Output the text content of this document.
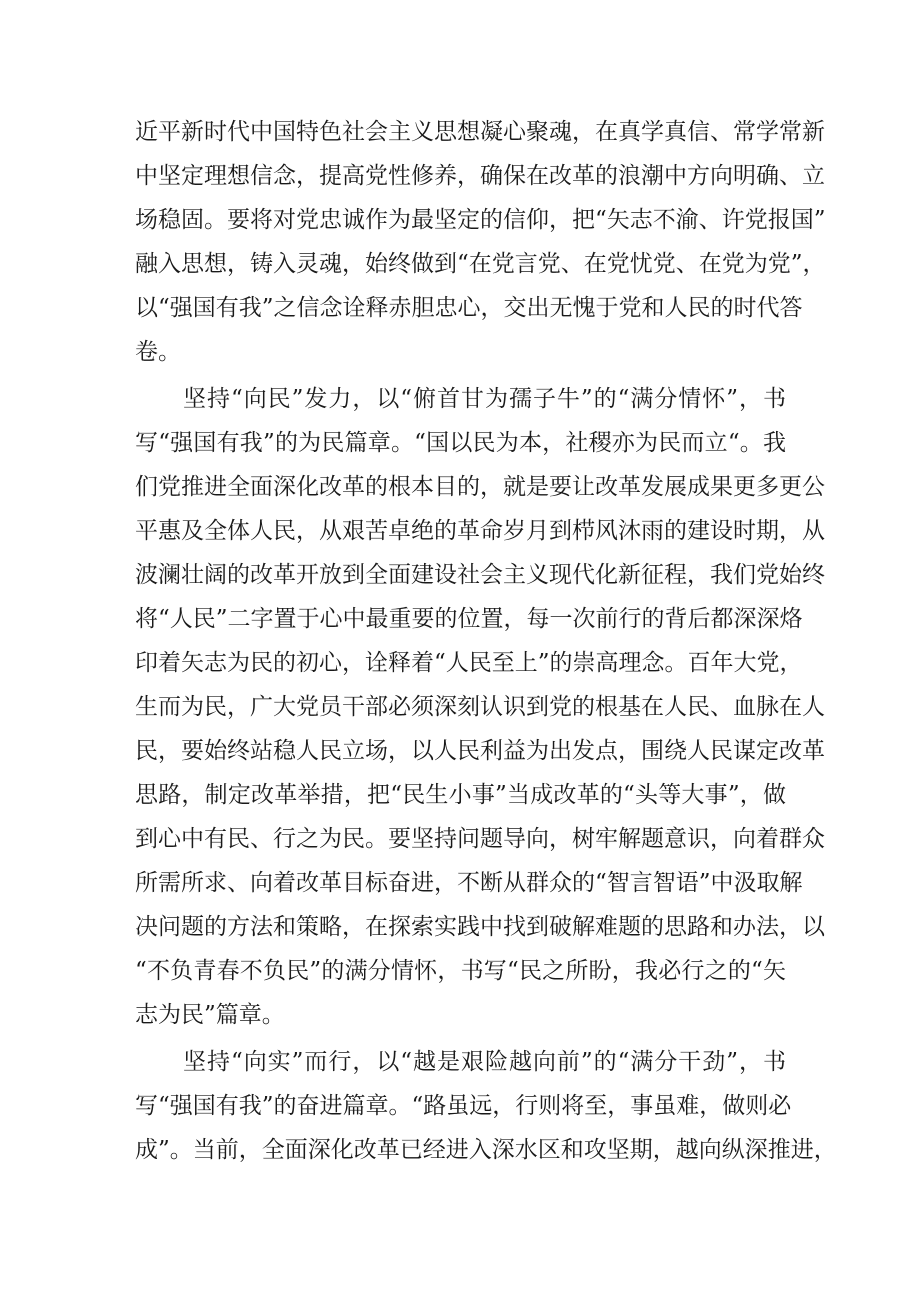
近平新时代中国特色社会主义思想凝心聚魂，在真学真信、常学常新
中坚定理想信念，提高党性修养，确保在改革的浪潮中方向明确、立
场稳固。要将对党忠诚作为最坚定的信仰，把“矢志不渝、许党报国”
融入思想，铸入灵魂，始终做到“在党言党、在党忧党、在党为党”，
以“强国有我”之信念诠释赤胆忠心，交出无愧于党和人民的时代答
卷。
坚持“向民”发力，以“俯首甘为孺子牛”的“满分情怀”，书
写“强国有我”的为民篇章。“国以民为本，社稷亦为民而立“。我
们党推进全面深化改革的根本目的，就是要让改革发展成果更多更公
平惠及全体人民，从艰苦卓绝的革命岁月到栉风沐雨的建设时期，从
波澜壮阔的改革开放到全面建设社会主义现代化新征程，我们党始终
将“人民”二字置于心中最重要的位置，每一次前行的背后都深深烙
印着矢志为民的初心，诠释着“人民至上”的崇高理念。百年大党，
生而为民，广大党员干部必须深刻认识到党的根基在人民、血脉在人
民，要始终站稳人民立场，以人民利益为出发点，围绕人民谋定改革
思路，制定改革举措，把“民生小事”当成改革的“头等大事”，做
到心中有民、行之为民。要坚持问题导向，树牢解题意识，向着群众
所需所求、向着改革目标奋进，不断从群众的“智言智语”中汲取解
决问题的方法和策略，在探索实践中找到破解难题的思路和办法，以
“不负青春不负民”的满分情怀，书写“民之所盼，我必行之的“矢
志为民”篇章。
坚持“向实”而行，以“越是艰险越向前”的“满分干劲”，书
写“强国有我”的奋进篇章。“路虽远，行则将至，事虽难，做则必
成”。当前，全面深化改革已经进入深水区和攻坚期，越向纵深推进，
